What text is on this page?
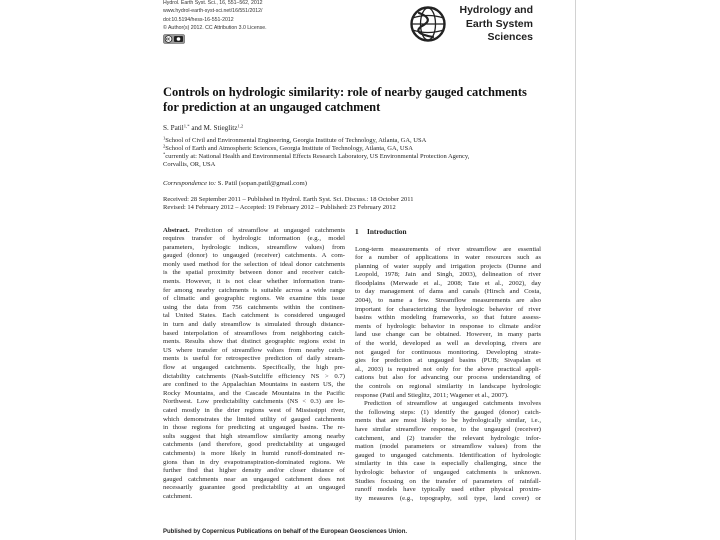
Hydrol. Earth Syst. Sci., 16, 551–562, 2012
www.hydrol-earth-syst-sci.net/16/551/2012/
doi:10.5194/hess-16-551-2012
© Author(s) 2012. CC Attribution 3.0 License.
Hydrology and
Earth System
Sciences
Controls on hydrologic similarity: role of nearby gauged catchments
for prediction at an ungauged catchment
S. Patil$^{1,*}$ and M. Stieglitz$^{1,2}$
$^1$School of Civil and Environmental Engineering, Georgia Institute of Technology, Atlanta, GA, USA
$^2$School of Earth and Atmospheric Sciences, Georgia Institute of Technology, Atlanta, GA, USA
*currently at: National Health and Environmental Effects Research Laboratory, US Environmental Protection Agency,
Corvallis, OR, USA
Correspondence to: S. Patil (sopan.patil@gmail.com)
Received: 28 September 2011 – Published in Hydrol. Earth Syst. Sci. Discuss.: 18 October 2011
Revised: 14 February 2012 – Accepted: 19 February 2012 – Published: 23 February 2012
Abstract. Prediction of streamflow at ungauged catchments
requires transfer of hydrologic information (e.g., model
parameters, hydrologic indices, streamflow values) from
gauged (donor) to ungauged (receiver) catchments. A com-
monly used method for the selection of ideal donor catchments
is the spatial proximity between donor and receiver catch-
ments. However, it is not clear whether information trans-
fer among nearby catchments is suitable across a wide range
of climatic and geographic regions. We examine this issue
using the data from 756 catchments within the continen-
tal United States. Each catchment is considered ungauged
in turn and daily streamflow is simulated through distance-
based interpolation of streamflows from neighboring catch-
ments. Results show that distinct geographic regions exist in
US where transfer of streamflow values from nearby catch-
ments is useful for retrospective prediction of daily stream-
flow at ungauged catchments. Specifically, the high pre-
dictability catchments (Nash-Sutcliffe efficiency NS > 0.7)
are confined to the Appalachian Mountains in eastern US, the
Rocky Mountains, and the Cascade Mountains in the Pacific
Northwest. Low predictability catchments (NS < 0.3) are lo-
cated mostly in the drier regions west of Mississippi river,
which demonstrates the limited utility of gauged catchments
in those regions for predicting at ungauged basins. The re-
sults suggest that high streamflow similarity among nearby
catchments (and therefore, good predictability at ungauged
catchments) is more likely in humid runoff-dominated re-
gions than in dry evapotranspiration-dominated regions. We
further find that higher density and/or closer distance of
gauged catchments near an ungauged catchment does not
necessarily guarantee good predictability at an ungauged
catchment.
1 Introduction
Long-term measurements of river streamflow are essential
for a number of applications in water resources such as
planning of water supply and irrigation projects (Dunne and
Leopold, 1978; Jain and Singh, 2003), delineation of river
floodplains (Merwade et al., 2008; Tate et al., 2002), day
to day management of dams and canals (Hirsch and Costa,
2004), to name a few. Streamflow measurements are also
important for characterizing the hydrologic behavior of river
basins within modeling frameworks, so that future assess-
ments of hydrologic behavior in response to climate and/or
land use change can be obtained. However, in many parts
of the world, developed as well as developing, rivers are
not gauged for continuous monitoring. Developing strate-
gies for prediction at ungauged basins (PUB; Sivapalan et
al., 2003) is required not only for the above practical appli-
cations but also for advancing our process understanding of
the controls on regional similarity in landscape hydrologic
response (Patil and Stieglitz, 2011; Wagener et al., 2007).
Prediction of streamflow at ungauged catchments involves
the following steps: (1) identify the gauged (donor) catch-
ments that are most likely to be hydrologically similar, i.e.,
have similar streamflow response, to the ungauged (receiver)
catchment, and (2) transfer the relevant hydrologic infor-
mation (model parameters or streamflow values) from the
gauged to ungauged catchments. Identification of hydrologic
similarity in this case is especially challenging, since the
hydrologic behavior of ungauged catchments is unknown.
Studies focusing on the transfer of parameters of rainfall-
runoff models have typically used either physical proxim-
ity measures (e.g., topography, soil type, land cover) or
Published by Copernicus Publications on behalf of the European Geosciences Union.
